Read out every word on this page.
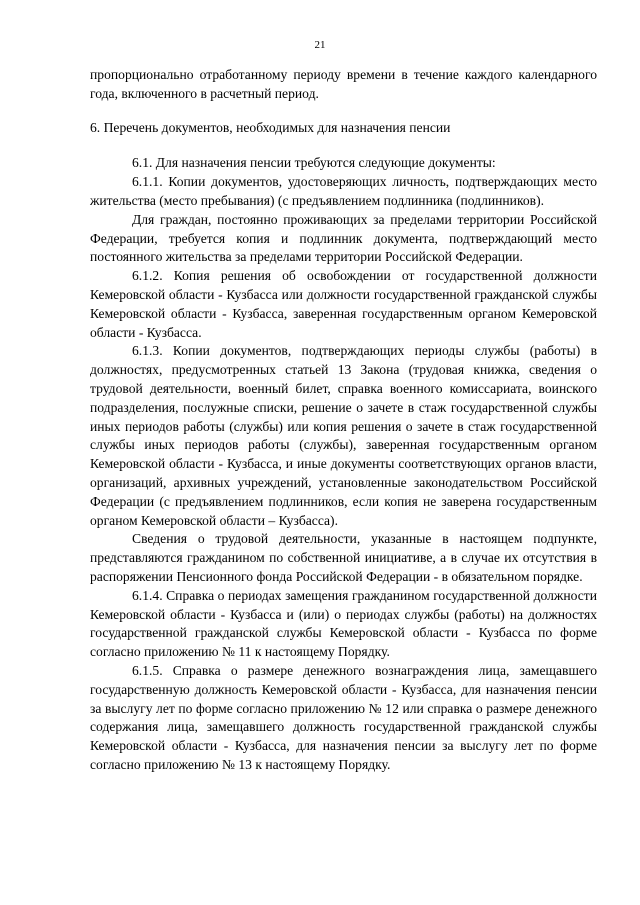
21

пропорционально отработанному периоду времени в течение каждого календарного года, включенного в расчетный период.

6. Перечень документов, необходимых для назначения пенсии

6.1. Для назначения пенсии требуются следующие документы:

6.1.1. Копии документов, удостоверяющих личность, подтверждающих место жительства (место пребывания) (с предъявлением подлинника (подлинников).

Для граждан, постоянно проживающих за пределами территории Российской Федерации, требуется копия и подлинник документа, подтверждающий место постоянного жительства за пределами территории Российской Федерации.

6.1.2. Копия решения об освобождении от государственной должности Кемеровской области - Кузбасса или должности государственной гражданской службы Кемеровской области - Кузбасса, заверенная государственным органом Кемеровской области - Кузбасса.

6.1.3. Копии документов, подтверждающих периоды службы (работы) в должностях, предусмотренных статьей 13 Закона (трудовая книжка, сведения о трудовой деятельности, военный билет, справка военного комиссариата, воинского подразделения, послужные списки, решение о зачете в стаж государственной службы иных периодов работы (службы) или копия решения о зачете в стаж государственной службы иных периодов работы (службы), заверенная государственным органом Кемеровской области - Кузбасса, и иные документы соответствующих органов власти, организаций, архивных учреждений, установленные законодательством Российской Федерации (с предъявлением подлинников, если копия не заверена государственным органом Кемеровской области – Кузбасса).

Сведения о трудовой деятельности, указанные в настоящем подпункте, представляются гражданином по собственной инициативе, а в случае их отсутствия в распоряжении Пенсионного фонда Российской Федерации - в обязательном порядке.

6.1.4. Справка о периодах замещения гражданином государственной должности Кемеровской области - Кузбасса и (или) о периодах службы (работы) на должностях государственной гражданской службы Кемеровской области - Кузбасса по форме согласно приложению № 11 к настоящему Порядку.

6.1.5. Справка о размере денежного вознаграждения лица, замещавшего государственную должность Кемеровской области - Кузбасса, для назначения пенсии за выслугу лет по форме согласно приложению № 12 или справка о размере денежного содержания лица, замещавшего должность государственной гражданской службы Кемеровской области - Кузбасса, для назначения пенсии за выслугу лет по форме согласно приложению № 13 к настоящему Порядку.
